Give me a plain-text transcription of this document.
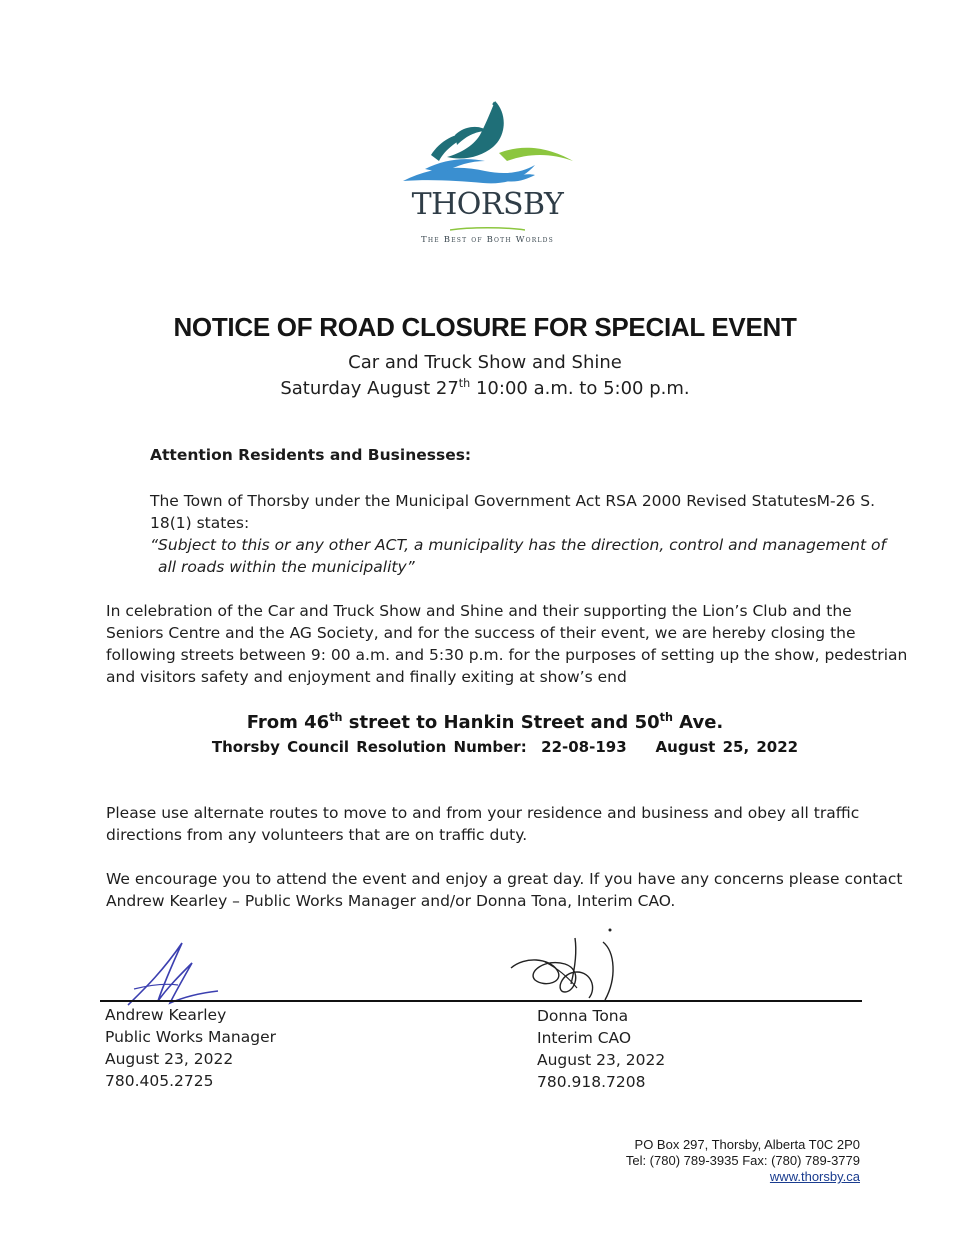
THORSBY
The Best of Both Worlds
NOTICE OF ROAD CLOSURE FOR SPECIAL EVENT
Car and Truck Show and Shine
Saturday August 27th 10:00 a.m. to 5:00 p.m.
Attention Residents and Businesses:
The Town of Thorsby under the Municipal Government Act RSA 2000 Revised StatutesM-26 S.
18(1) states:
“Subject to this or any other ACT, a municipality has the direction, control and management of
all roads within the municipality”
In celebration of the Car and Truck Show and Shine and their supporting the Lion’s Club and the
Seniors Centre and the AG Society, and for the success of their event, we are hereby closing the
following streets between 9: 00 a.m. and 5:30 p.m. for the purposes of setting up the show, pedestrian
and visitors safety and enjoyment and finally exiting at show’s end
From 46th street to Hankin Street and 50th Ave.
Thorsby Council Resolution Number: 22-08-193 August 25, 2022
Please use alternate routes to move to and from your residence and business and obey all traffic
directions from any volunteers that are on traffic duty.
We encourage you to attend the event and enjoy a great day. If you have any concerns please contact
Andrew Kearley – Public Works Manager and/or Donna Tona, Interim CAO.
Andrew Kearley
Public Works Manager
August 23, 2022
780.405.2725
Donna Tona
Interim CAO
August 23, 2022
780.918.7208
PO Box 297, Thorsby, Alberta T0C 2P0
Tel: (780) 789-3935 Fax: (780) 789-3779
www.thorsby.ca
